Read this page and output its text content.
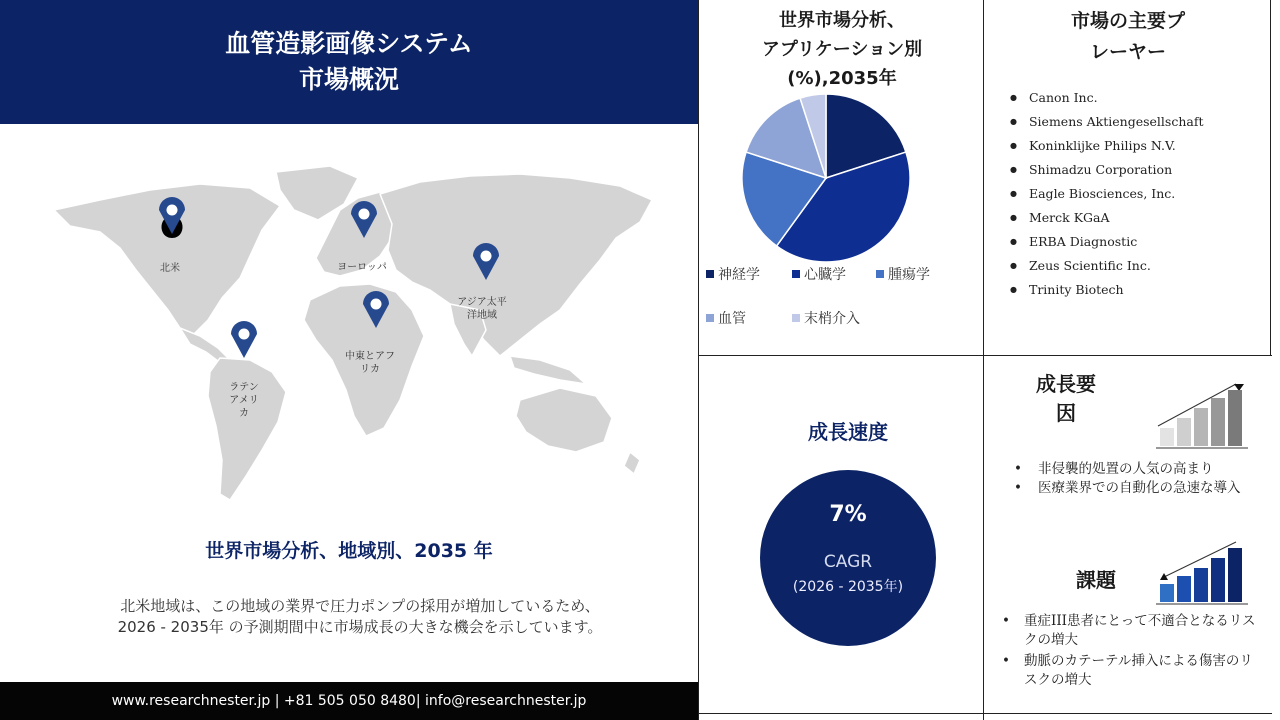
血管造影画像システム
市場概況
北米	ヨーロッパ
アジア太平洋地域
中東とアフリカ
ラテンアメリカ
世界市場分析、地域別、2035 年
北米地域は、この地域の業界で圧力ポンプの採用が増加しているため、 2026 - 2035年 の予測期間中に市場成長の大きな機会を示しています。
www.researchnester.jp | +81 505 050 8480 | info@researchnester.jp
世界市場分析、
アプリケーション別
(%),2035年
神経学	心臓学	腫瘍学
血管	末梢介入
市場の主要プ
レーヤー
● Canon Inc.
● Siemens Aktiengesellschaft
● Koninklijke Philips N.V.
● Shimadzu Corporation
● Eagle Biosciences, Inc.
● Merck KGaA
● ERBA Diagnostic
● Zeus Scientific Inc.
● Trinity Biotech
成長速度
7%
CAGR
(2026 - 2035年)
成長要
因
• 非侵襲的処置の人気の高まり
• 医療業界での自動化の急速な導入
課題
• 重症III患者にとって不適合となるリスクの増大
• 動脈のカテーテル挿入による傷害のリスクの増大
